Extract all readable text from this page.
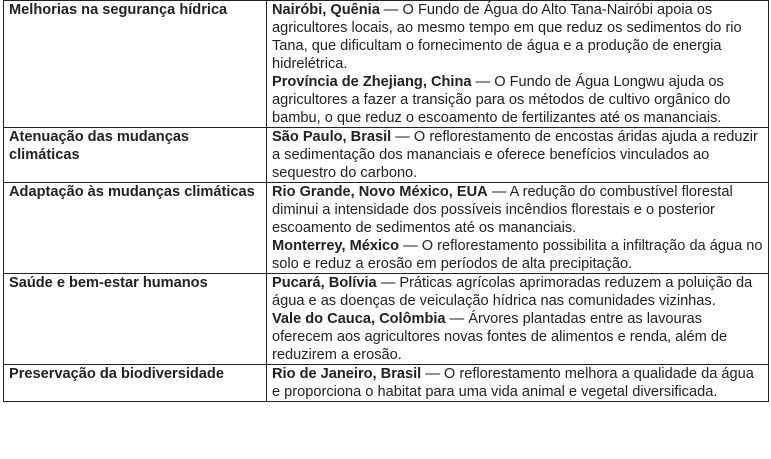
Melhorias na segurança hídrica	Nairóbi, Quênia — O Fundo de Água do Alto Tana-Nairóbi apoia os agricultores locais, ao mesmo tempo em que reduz os sedimentos do rio Tana, que dificultam o fornecimento de água e a produção de energia hidrelétrica.
Província de Zhejiang, China — O Fundo de Água Longwu ajuda os agricultores a fazer a transição para os métodos de cultivo orgânico do bambu, o que reduz o escoamento de fertilizantes até os mananciais.

Atenuação das mudanças climáticas	São Paulo, Brasil — O reflorestamento de encostas áridas ajuda a reduzir a sedimentação dos mananciais e oferece benefícios vinculados ao sequestro do carbono.

Adaptação às mudanças climáticas	Rio Grande, Novo México, EUA — A redução do combustível florestal diminui a intensidade dos possíveis incêndios florestais e o posterior escoamento de sedimentos até os mananciais.
Monterrey, México — O reflorestamento possibilita a infiltração da água no solo e reduz a erosão em períodos de alta precipitação.

Saúde e bem-estar humanos	Pucará, Bolívia — Práticas agrícolas aprimoradas reduzem a poluição da água e as doenças de veiculação hídrica nas comunidades vizinhas.
Vale do Cauca, Colômbia — Árvores plantadas entre as lavouras oferecem aos agricultores novas fontes de alimentos e renda, além de reduzirem a erosão.

Preservação da biodiversidade	Rio de Janeiro, Brasil — O reflorestamento melhora a qualidade da água e proporciona o habitat para uma vida animal e vegetal diversificada.
